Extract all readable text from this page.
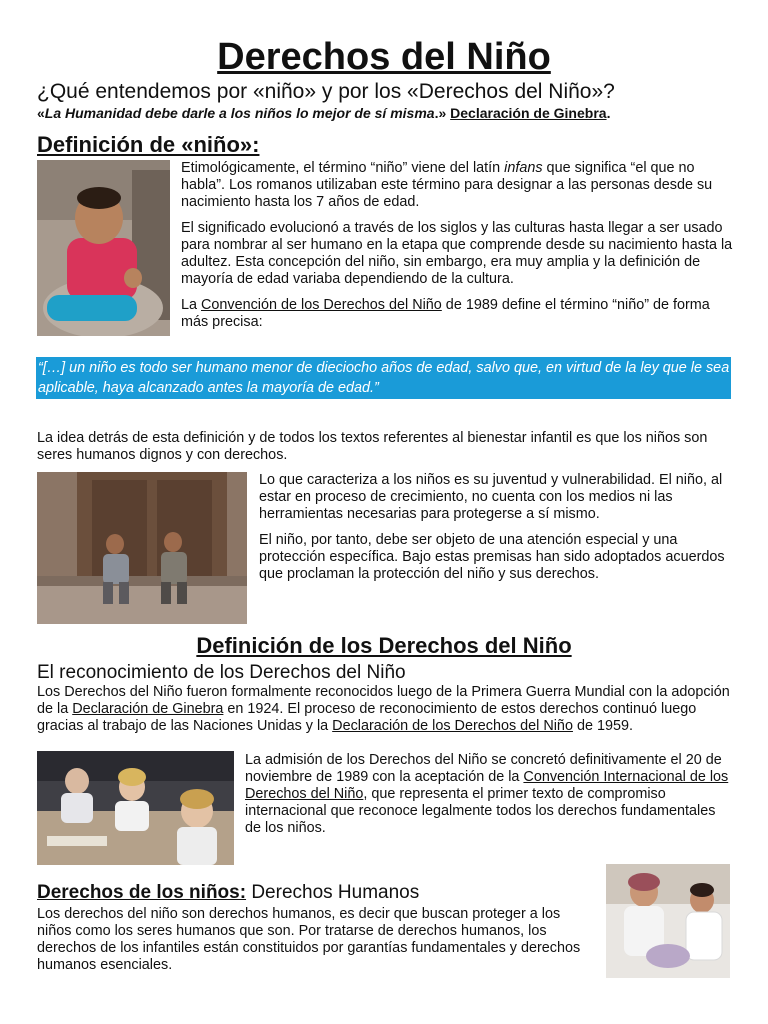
Derechos del Niño
¿Qué entendemos por «niño» y por los «Derechos del Niño»?
«La Humanidad debe darle a los niños lo mejor de sí misma.» Declaración de Ginebra.
Definición de «niño»:

Etimológicamente, el término “niño” viene del latín infans que significa “el que no habla”. Los romanos utilizaban este término para designar a las personas desde su nacimiento hasta los 7 años de edad.

El significado evolucionó a través de los siglos y las culturas hasta llegar a ser usado para nombrar al ser humano en la etapa que comprende desde su nacimiento hasta la adultez. Esta concepción del niño, sin embargo, era muy amplia y la definición de mayoría de edad variaba dependiendo de la cultura.

La Convención de los Derechos del Niño de 1989 define el término “niño” de forma más precisa:

“[…] un niño es todo ser humano menor de dieciocho años de edad, salvo que, en virtud de la ley que le sea aplicable, haya alcanzado antes la mayoría de edad.”
La idea detrás de esta definición y de todos los textos referentes al bienestar infantil es que los niños son seres humanos dignos y con derechos.

Lo que caracteriza a los niños es su juventud y vulnerabilidad. El niño, al estar en proceso de crecimiento, no cuenta con los medios ni las herramientas necesarias para protegerse a sí mismo.

El niño, por tanto, debe ser objeto de una atención especial y una protección específica. Bajo estas premisas han sido adoptados acuerdos que proclaman la protección del niño y sus derechos.

Definición de los Derechos del Niño
El reconocimiento de los Derechos del Niño
Los Derechos del Niño fueron formalmente reconocidos luego de la Primera Guerra Mundial con la adopción de la Declaración de Ginebra en 1924. El proceso de reconocimiento de estos derechos continuó luego gracias al trabajo de las Naciones Unidas y la Declaración de los Derechos del Niño de 1959.
La admisión de los Derechos del Niño se concretó definitivamente el 20 de noviembre de 1989 con la aceptación de la Convención Internacional de los Derechos del Niño, que representa el primer texto de compromiso internacional que reconoce legalmente todos los derechos fundamentales de los niños.
Derechos de los niños: Derechos Humanos
Los derechos del niño son derechos humanos, es decir que buscan proteger a los niños como los seres humanos que son. Por tratarse de derechos humanos, los derechos de los infantiles están constituidos por garantías fundamentales y derechos humanos esenciales.
